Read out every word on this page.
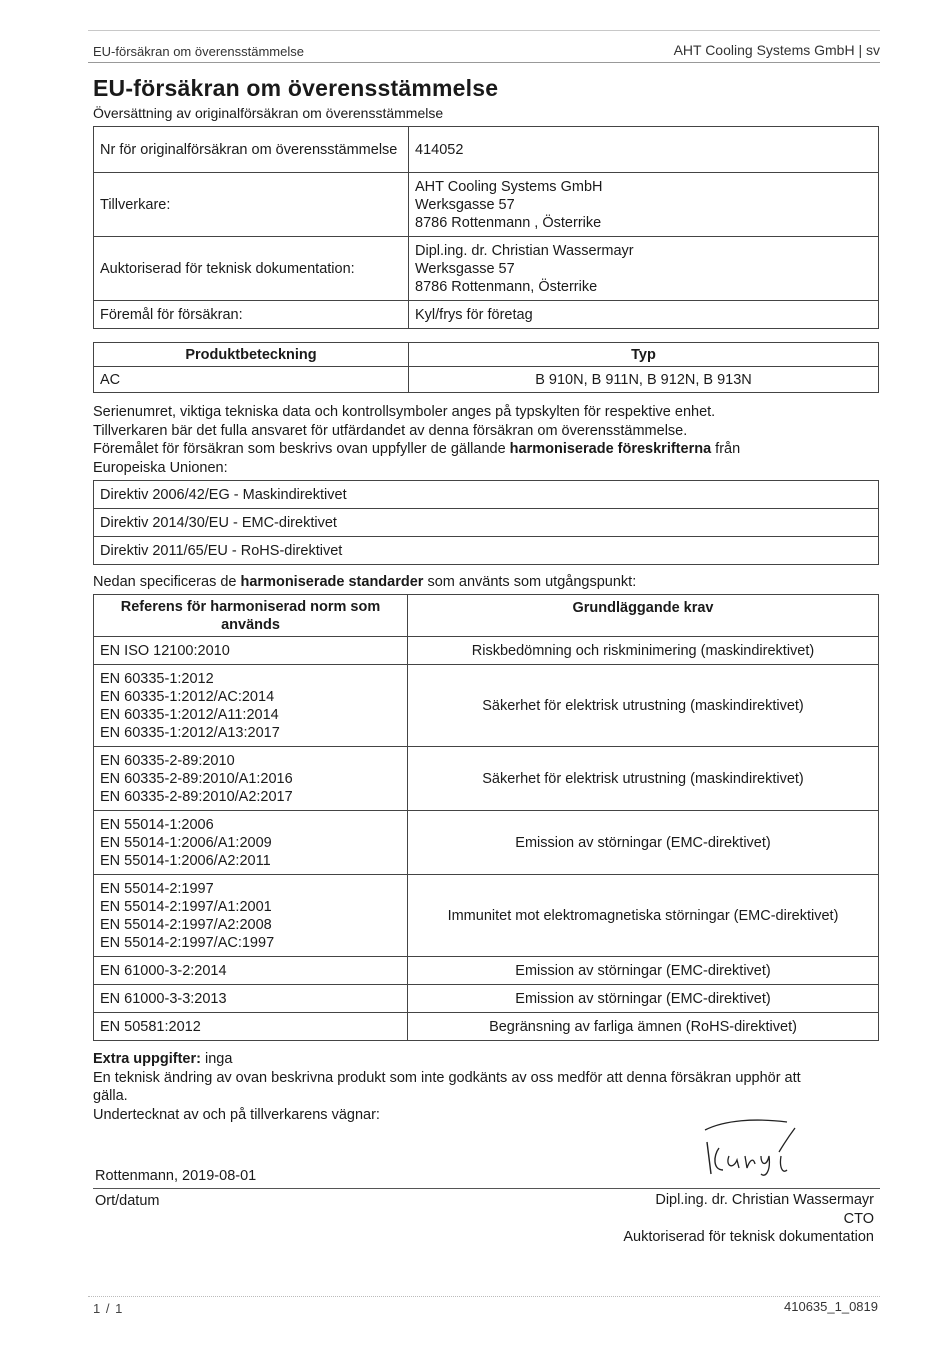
EU-försäkran om överensstämmelse	AHT Cooling Systems GmbH | sv
EU-försäkran om överensstämmelse
Översättning av originalförsäkran om överensstämmelse
Nr för originalförsäkran om överensstämmelse	414052
Tillverkare:	AHT Cooling Systems GmbH
Werksgasse 57
8786 Rottenmann , Österrike

Auktoriserad för teknisk dokumentation:	Dipl.ing. dr. Christian Wassermayr
Werksgasse 57
8786 Rottenmann, Österrike

Föremål för försäkran:	Kyl/frys för företag
Produktbeteckning	Typ
AC	B 910N, B 911N, B 912N, B 913N
Serienumret, viktiga tekniska data och kontrollsymboler anges på typskylten för respektive enhet.
Tillverkaren bär det fulla ansvaret för utfärdandet av denna försäkran om överensstämmelse.
Föremålet för försäkran som beskrivs ovan uppfyller de gällande harmoniserade föreskrifterna från
Europeiska Unionen:
Direktiv 2006/42/EG - Maskindirektivet
Direktiv 2014/30/EU - EMC-direktivet
Direktiv 2011/65/EU - RoHS-direktivet
Nedan specificeras de harmoniserade standarder som använts som utgångspunkt:
Referens för harmoniserad norm som används	Grundläggande krav

EN ISO 12100:2010	Riskbedömning och riskminimering (maskindirektivet)

EN 60335-1:2012
EN 60335-1:2012/AC:2014
EN 60335-1:2012/A11:2014
EN 60335-1:2012/A13:2017	Säkerhet för elektrisk utrustning (maskindirektivet)

EN 60335-2-89:2010
EN 60335-2-89:2010/A1:2016
EN 60335-2-89:2010/A2:2017	Säkerhet för elektrisk utrustning (maskindirektivet)

EN 55014-1:2006
EN 55014-1:2006/A1:2009
EN 55014-1:2006/A2:2011	Emission av störningar (EMC-direktivet)

EN 55014-2:1997
EN 55014-2:1997/A1:2001
EN 55014-2:1997/A2:2008
EN 55014-2:1997/AC:1997	Immunitet mot elektromagnetiska störningar (EMC-direktivet)

EN 61000-3-2:2014	Emission av störningar (EMC-direktivet)

EN 61000-3-3:2013	Emission av störningar (EMC-direktivet)

EN 50581:2012	Begränsning av farliga ämnen (RoHS-direktivet)
Extra uppgifter: inga
En teknisk ändring av ovan beskrivna produkt som inte godkänts av oss medför att denna försäkran upphör att
gälla.
Undertecknat av och på tillverkarens vägnar:
Rottenmann, 2019-08-01
Ort/datum	Dipl.ing. dr. Christian Wassermayr
CTO
Auktoriserad för teknisk dokumentation
1 / 1	410635_1_0819
